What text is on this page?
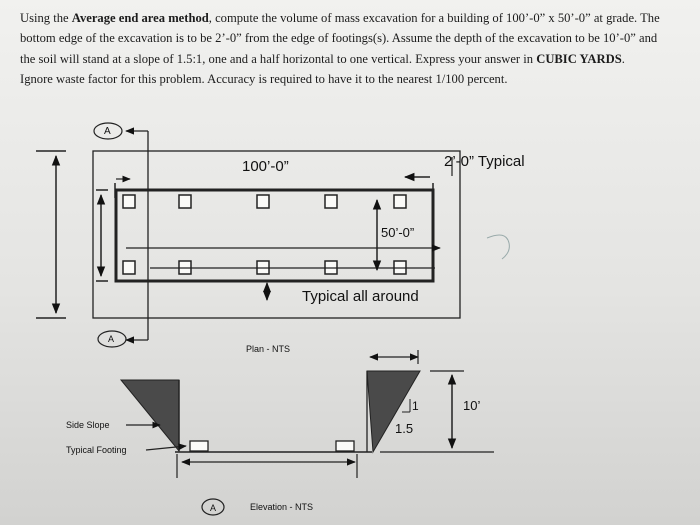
Using the Average end area method, compute the volume of mass excavation for a building of 100’-0” x 50’-0” at grade. The bottom edge of the excavation is to be 2’-0” from the edge of footings(s). Assume the depth of the excavation to be 10’-0” and the soil will stand at a slope of 1.5:1, one and a half horizontal to one vertical. Express your answer in CUBIC YARDS. Ignore waste factor for this problem. Accuracy is required to have it to the nearest 1/100 percent.

A
A
100’-0”	2’-0” Typical
50’-0”
Typical all around
Plan - NTS
Side Slope
Typical Footing
10’
1
1.5
A	Elevation - NTS
